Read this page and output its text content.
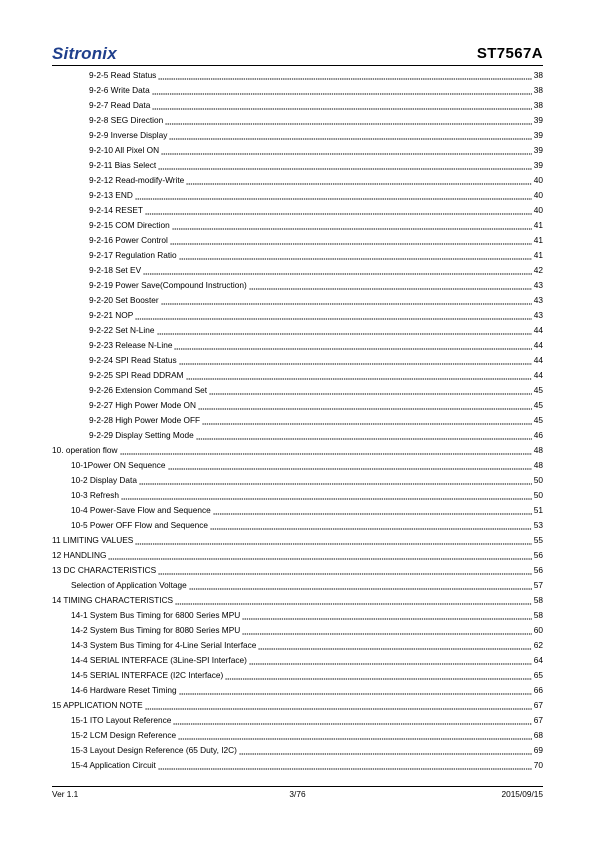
Sitronix	ST7567A
9-2-5 Read Status	38
9-2-6 Write Data	38
9-2-7 Read Data	38
9-2-8 SEG Direction	39
9-2-9 Inverse Display	39
9-2-10 All Pixel ON	39
9-2-11 Bias Select	39
9-2-12 Read-modify-Write	40
9-2-13 END	40
9-2-14 RESET	40
9-2-15 COM Direction	41
9-2-16 Power Control	41
9-2-17 Regulation Ratio	41
9-2-18 Set EV	42
9-2-19 Power Save(Compound Instruction)	43
9-2-20 Set Booster	43
9-2-21 NOP	43
9-2-22 Set N-Line	44
9-2-23 Release N-Line	44
9-2-24 SPI Read Status	44
9-2-25 SPI Read DDRAM	44
9-2-26 Extension Command Set	45
9-2-27 High Power Mode ON	45
9-2-28 High Power Mode OFF	45
9-2-29 Display Setting Mode	46
10. operation flow	48
10-1Power ON Sequence	48
10-2 Display Data	50
10-3 Refresh	50
10-4 Power-Save Flow and Sequence	51
10-5 Power OFF Flow and Sequence	53
11 LIMITING VALUES	55
12 HANDLING	56
13 DC CHARACTERISTICS	56
Selection of Application Voltage	57
14 TIMING CHARACTERISTICS	58
14-1 System Bus Timing for 6800 Series MPU	58
14-2 System Bus Timing for 8080 Series MPU	60
14-3 System Bus Timing for 4-Line Serial Interface	62
14-4 SERIAL INTERFACE (3Line-SPI Interface)	64
14-5 SERIAL INTERFACE (I2C Interface)	65
14-6 Hardware Reset Timing	66
15 APPLICATION NOTE	67
15-1 ITO Layout Reference	67
15-2 LCM Design Reference	68
15-3 Layout Design Reference (65 Duty, I2C)	69
15-4 Application Circuit	70
Ver 1.1	3/76	2015/09/15
